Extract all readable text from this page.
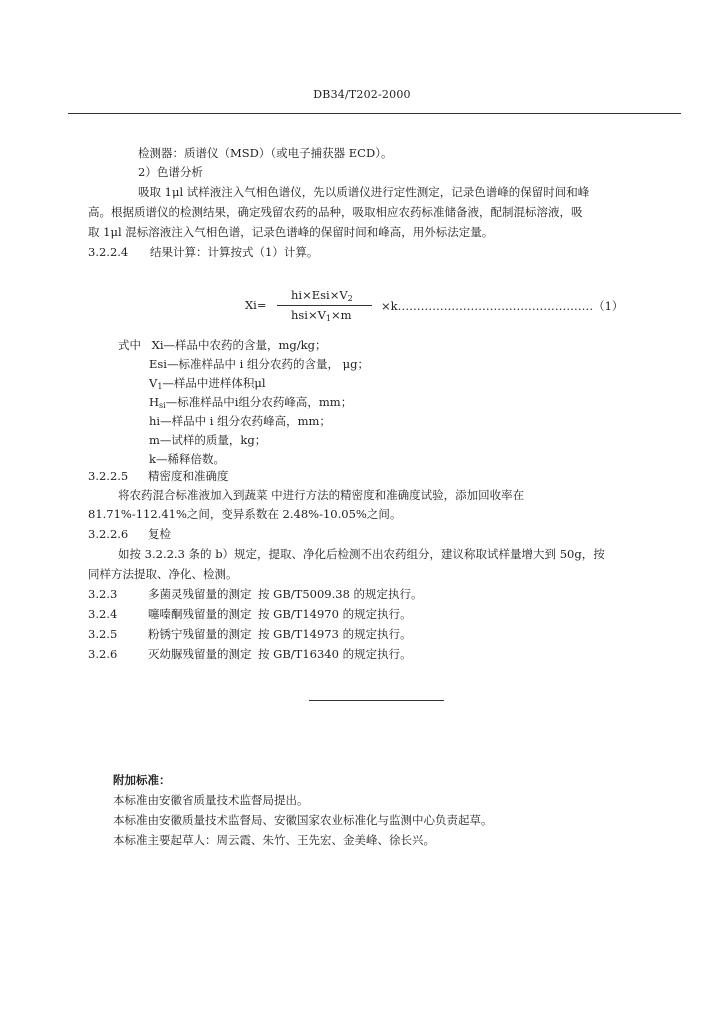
DB34/T202-2000
检测器：质谱仪（MSD）（或电子捕获器 ECD）。
2）色谱分析
吸取 1μl 试样液注入气相色谱仪，先以质谱仪进行定性测定，记录色谱峰的保留时间和峰
高。根据质谱仪的检测结果，确定残留农药的品种，吸取相应农药标准储备液，配制混标溶液，吸
取 1μl 混标溶液注入气相色谱，记录色谱峰的保留时间和峰高，用外标法定量。
3.2.2.4 结果计算：计算按式（1）计算。
Xi=
$hi\times Esi\times V_2$
$hsi\times V_1\times m$
×k……………………………………………（1）
式中 Xi—样品中农药的含量，mg/kg；
Esi—标准样品中 i 组分农药的含量， μg；
$V_1—$样品中进样体积μl
$H_{si}—$标准样品中i组分农药峰高，mm；
hi—样品中 i 组分农药峰高，mm；
m—试样的质量，kg；
k—稀释倍数。
3.2.2.5 精密度和准确度
将农药混合标准液加入到蔬菜 中进行方法的精密度和准确度试验，添加回收率在
81.71%-112.41%之间，变异系数在 2.48%-10.05%之间。
3.2.2.6 复检
如按 3.2.2.3 条的 b）规定，提取、净化后检测不出农药组分，建议称取试样量增大到 50g，按
同样方法提取、净化、检测。
3.2.3	多菌灵残留量的测定 按 GB/T5009.38 的规定执行。
3.2.4	噻嗪酮残留量的测定 按 GB/T14970 的规定执行。
3.2.5	粉锈宁残留量的测定 按 GB/T14973 的规定执行。
3.2.6	灭幼脲残留量的测定 按 GB/T16340 的规定执行。
附加标准：
本标准由安徽省质量技术监督局提出。
本标准由安徽质量技术监督局、安徽国家农业标准化与监测中心负责起草。
本标准主要起草人：周云霞、朱竹、王先宏、金美峰、徐长兴。
